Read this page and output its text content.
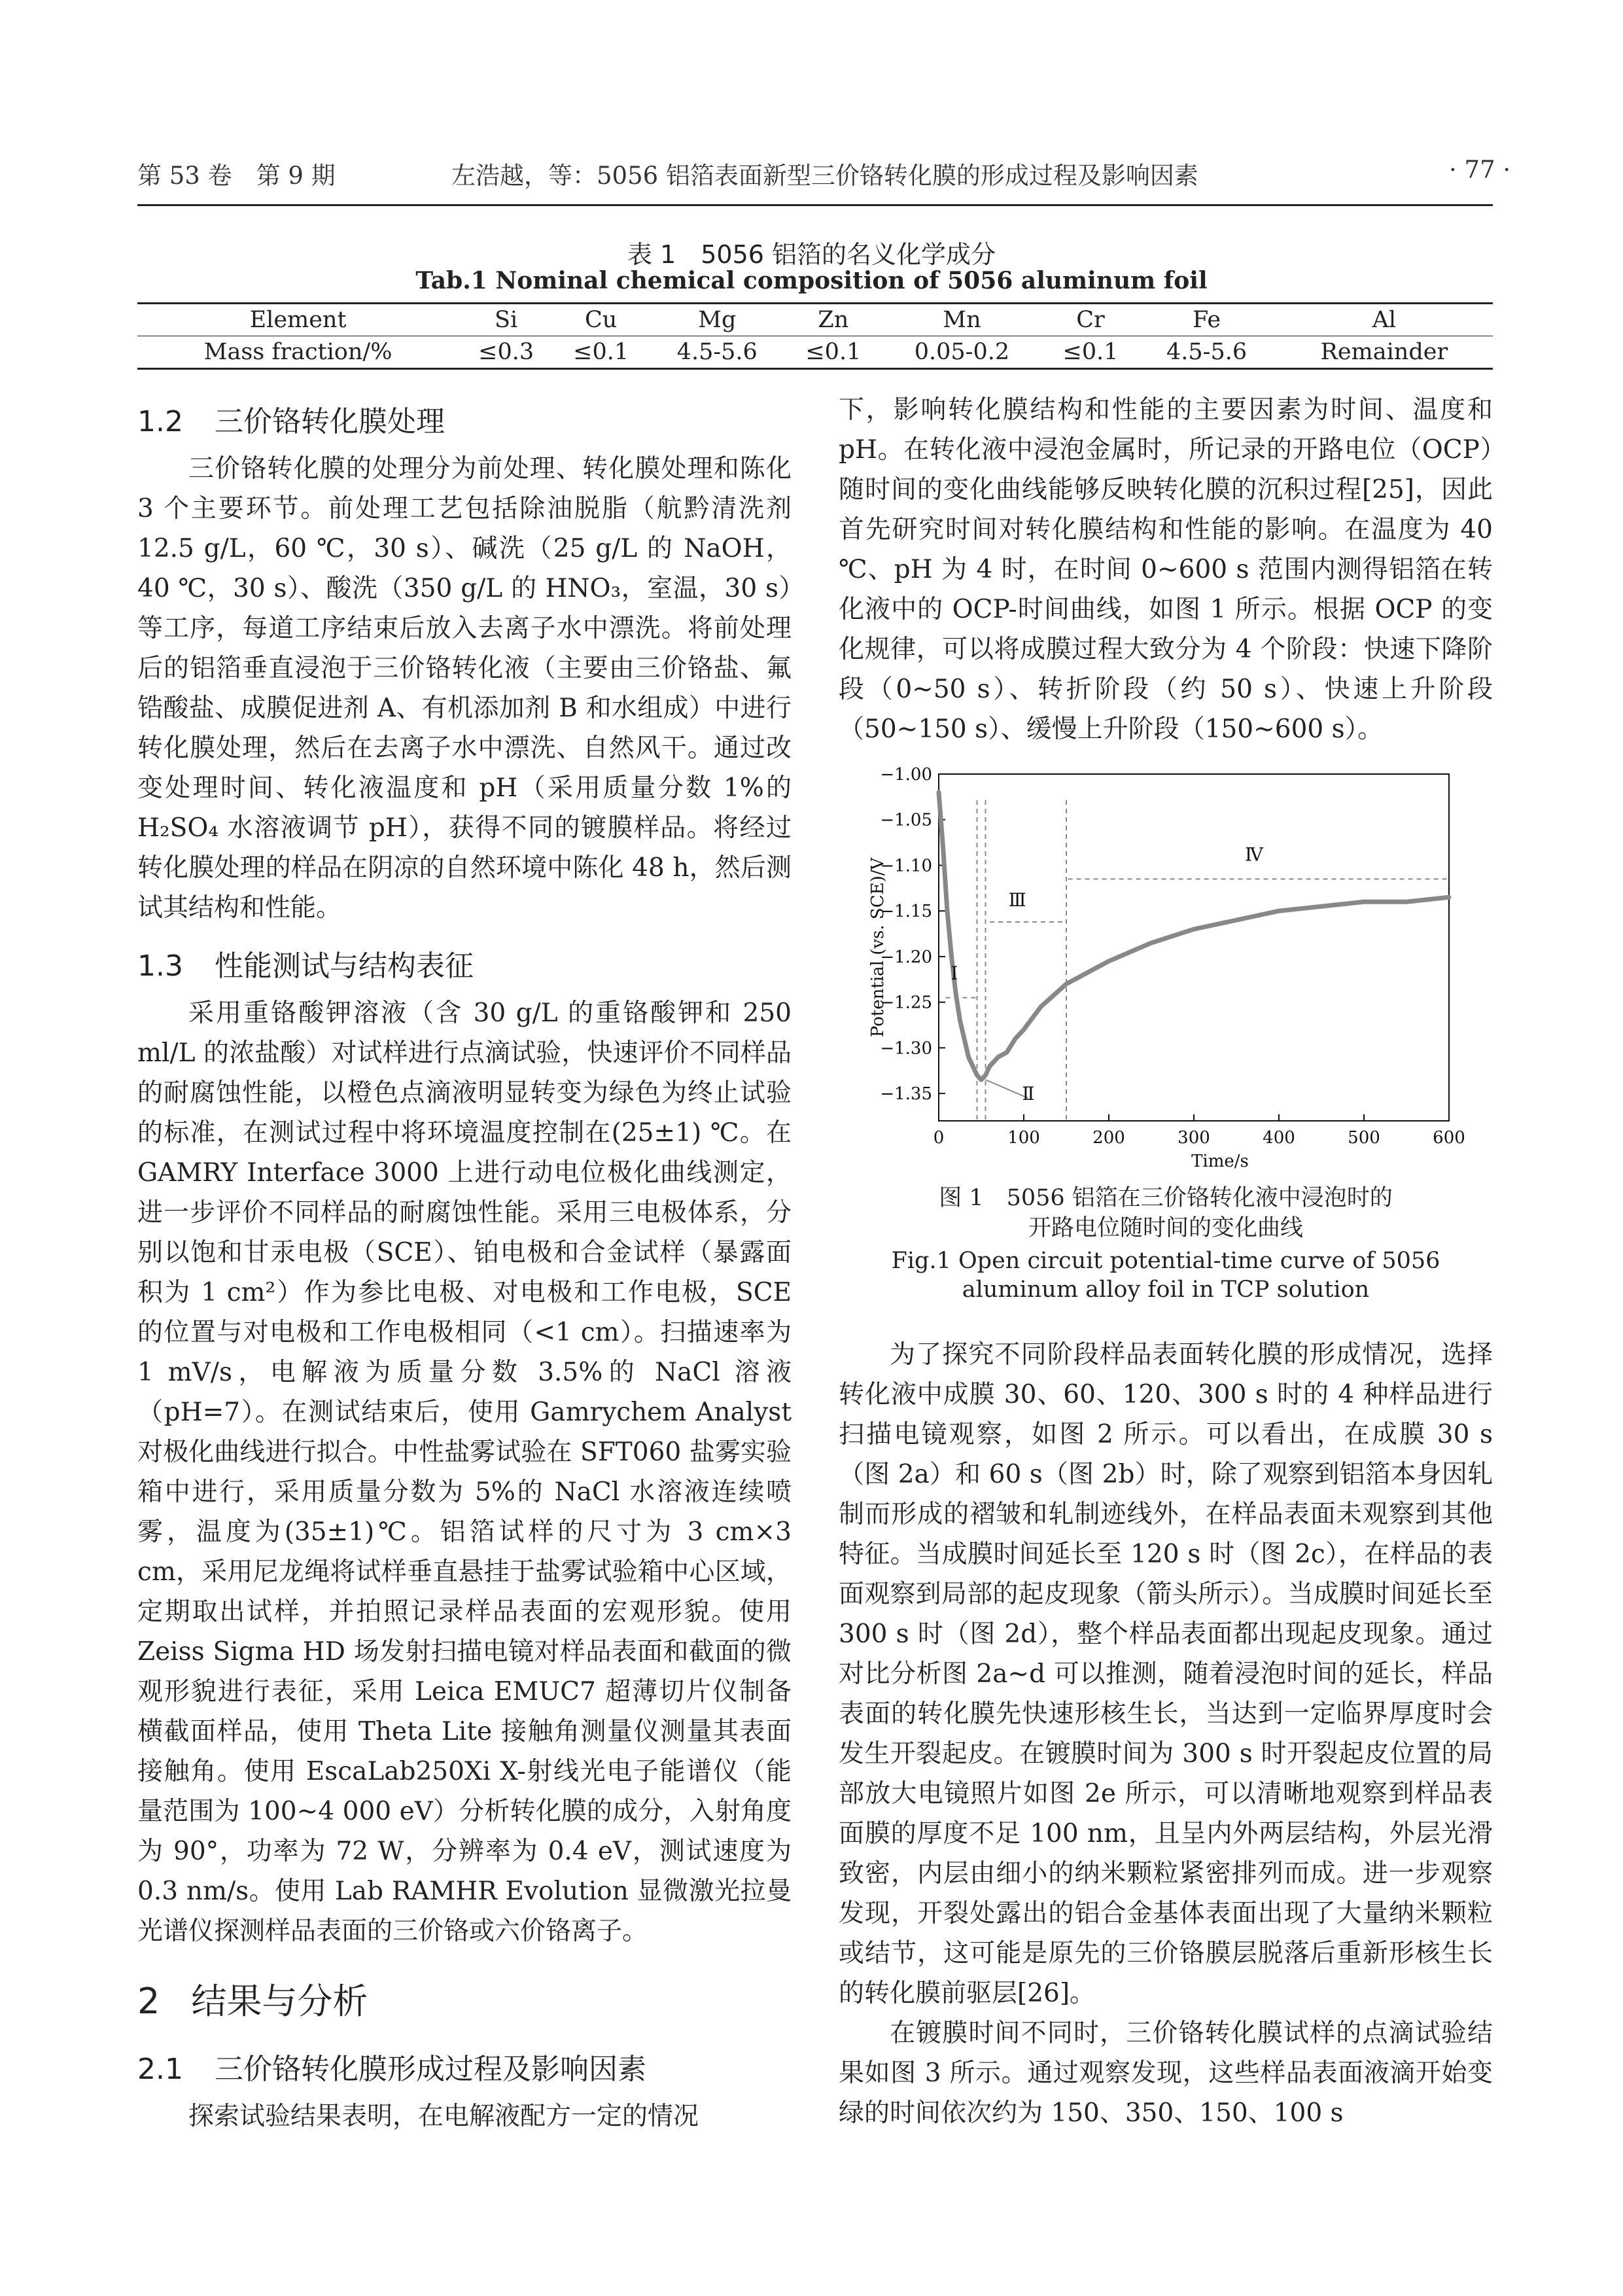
第 53 卷　第 9 期	左浩越，等：5056 铝箔表面新型三价铬转化膜的形成过程及影响因素	· 77 ·
表 1　5056 铝箔的名义化学成分
Tab.1 Nominal chemical composition of 5056 aluminum foil
Element	Si	Cu	Mg	Zn	Mn	Cr	Fe	Al
Mass fraction/%	≤0.3	≤0.1	4.5-5.6	≤0.1	0.05-0.2	≤0.1	4.5-5.6	Remainder
1.2 三价铬转化膜处理

三价铬转化膜的处理分为前处理、转化膜处理和陈化 3 个主要环节。前处理工艺包括除油脱脂（航黔清洗剂 12.5 g/L，60 ℃，30 s）、碱洗（25 g/L 的 NaOH，40 ℃，30 s）、酸洗（350 g/L 的 HNO₃，室温，30 s）等工序，每道工序结束后放入去离子水中漂洗。将前处理后的铝箔垂直浸泡于三价铬转化液（主要由三价铬盐、氟锆酸盐、成膜促进剂 A、有机添加剂 B 和水组成）中进行转化膜处理，然后在去离子水中漂洗、自然风干。通过改变处理时间、转化液温度和 pH（采用质量分数 1%的 H₂SO₄ 水溶液调节 pH），获得不同的镀膜样品。将经过转化膜处理的样品在阴凉的自然环境中陈化 48 h，然后测试其结构和性能。

1.3 性能测试与结构表征

采用重铬酸钾溶液（含 30 g/L 的重铬酸钾和 250 ml/L 的浓盐酸）对试样进行点滴试验，快速评价不同样品的耐腐蚀性能，以橙色点滴液明显转变为绿色为终止试验的标准，在测试过程中将环境温度控制在(25±1) ℃。在 GAMRY Interface 3000 上进行动电位极化曲线测定，进一步评价不同样品的耐腐蚀性能。采用三电极体系，分别以饱和甘汞电极（SCE）、铂电极和合金试样（暴露面积为 1 cm²）作为参比电极、对电极和工作电极，SCE 的位置与对电极和工作电极相同（<1 cm）。扫描速率为 1 mV/s，电解液为质量分数 3.5%的 NaCl 溶液（pH=7）。在测试结束后，使用 Gamrychem Analyst 对极化曲线进行拟合。中性盐雾试验在 SFT060 盐雾实验箱中进行，采用质量分数为 5%的 NaCl 水溶液连续喷雾，温度为(35±1)℃。铝箔试样的尺寸为 3 cm×3 cm，采用尼龙绳将试样垂直悬挂于盐雾试验箱中心区域，定期取出试样，并拍照记录样品表面的宏观形貌。使用 Zeiss Sigma HD 场发射扫描电镜对样品表面和截面的微观形貌进行表征，采用 Leica EMUC7 超薄切片仪制备横截面样品，使用 Theta Lite 接触角测量仪测量其表面接触角。使用 EscaLab250Xi X-射线光电子能谱仪（能量范围为 100~4 000 eV）分析转化膜的成分，入射角度为 90°，功率为 72 W，分辨率为 0.4 eV，测试速度为 0.3 nm/s。使用 Lab RAMHR Evolution 显微激光拉曼光谱仪探测样品表面的三价铬或六价铬离子。

2 结果与分析
2.1 三价铬转化膜形成过程及影响因素

探索试验结果表明，在电解液配方一定的情况

下，影响转化膜结构和性能的主要因素为时间、温度和 pH。在转化液中浸泡金属时，所记录的开路电位（OCP）随时间的变化曲线能够反映转化膜的沉积过程[25]，因此首先研究时间对转化膜结构和性能的影响。在温度为 40 ℃、pH 为 4 时，在时间 0~600 s 范围内测得铝箔在转化液中的 OCP-时间曲线，如图 1 所示。根据 OCP 的变化规律，可以将成膜过程大致分为 4 个阶段：快速下降阶段（0~50 s）、转折阶段（约 50 s）、快速上升阶段（50~150 s）、缓慢上升阶段（150~600 s）。

−1.00
−1.05
−1.10
−1.15
−1.20
−1.25
−1.30
−1.35
0	100	200	300	400	500	600
Time/s
Potential (vs. SCE)/V	Ⅰ
Ⅱ
Ⅲ
Ⅳ
图 1　5056 铝箔在三价铬转化液中浸泡时的
开路电位随时间的变化曲线
Fig.1 Open circuit potential-time curve of 5056
aluminum alloy foil in TCP solution

为了探究不同阶段样品表面转化膜的形成情况，选择转化液中成膜 30、60、120、300 s 时的 4 种样品进行扫描电镜观察，如图 2 所示。可以看出，在成膜 30 s（图 2a）和 60 s（图 2b）时，除了观察到铝箔本身因轧制而形成的褶皱和轧制迹线外，在样品表面未观察到其他特征。当成膜时间延长至 120 s 时（图 2c），在样品的表面观察到局部的起皮现象（箭头所示）。当成膜时间延长至 300 s 时（图 2d），整个样品表面都出现起皮现象。通过对比分析图 2a~d 可以推测，随着浸泡时间的延长，样品表面的转化膜先快速形核生长，当达到一定临界厚度时会发生开裂起皮。在镀膜时间为 300 s 时开裂起皮位置的局部放大电镜照片如图 2e 所示，可以清晰地观察到样品表面膜的厚度不足 100 nm，且呈内外两层结构，外层光滑致密，内层由细小的纳米颗粒紧密排列而成。进一步观察发现，开裂处露出的铝合金基体表面出现了大量纳米颗粒或结节，这可能是原先的三价铬膜层脱落后重新形核生长的转化膜前驱层[26]。

在镀膜时间不同时，三价铬转化膜试样的点滴试验结果如图 3 所示。通过观察发现，这些样品表面液滴开始变绿的时间依次约为 150、350、150、100 s
